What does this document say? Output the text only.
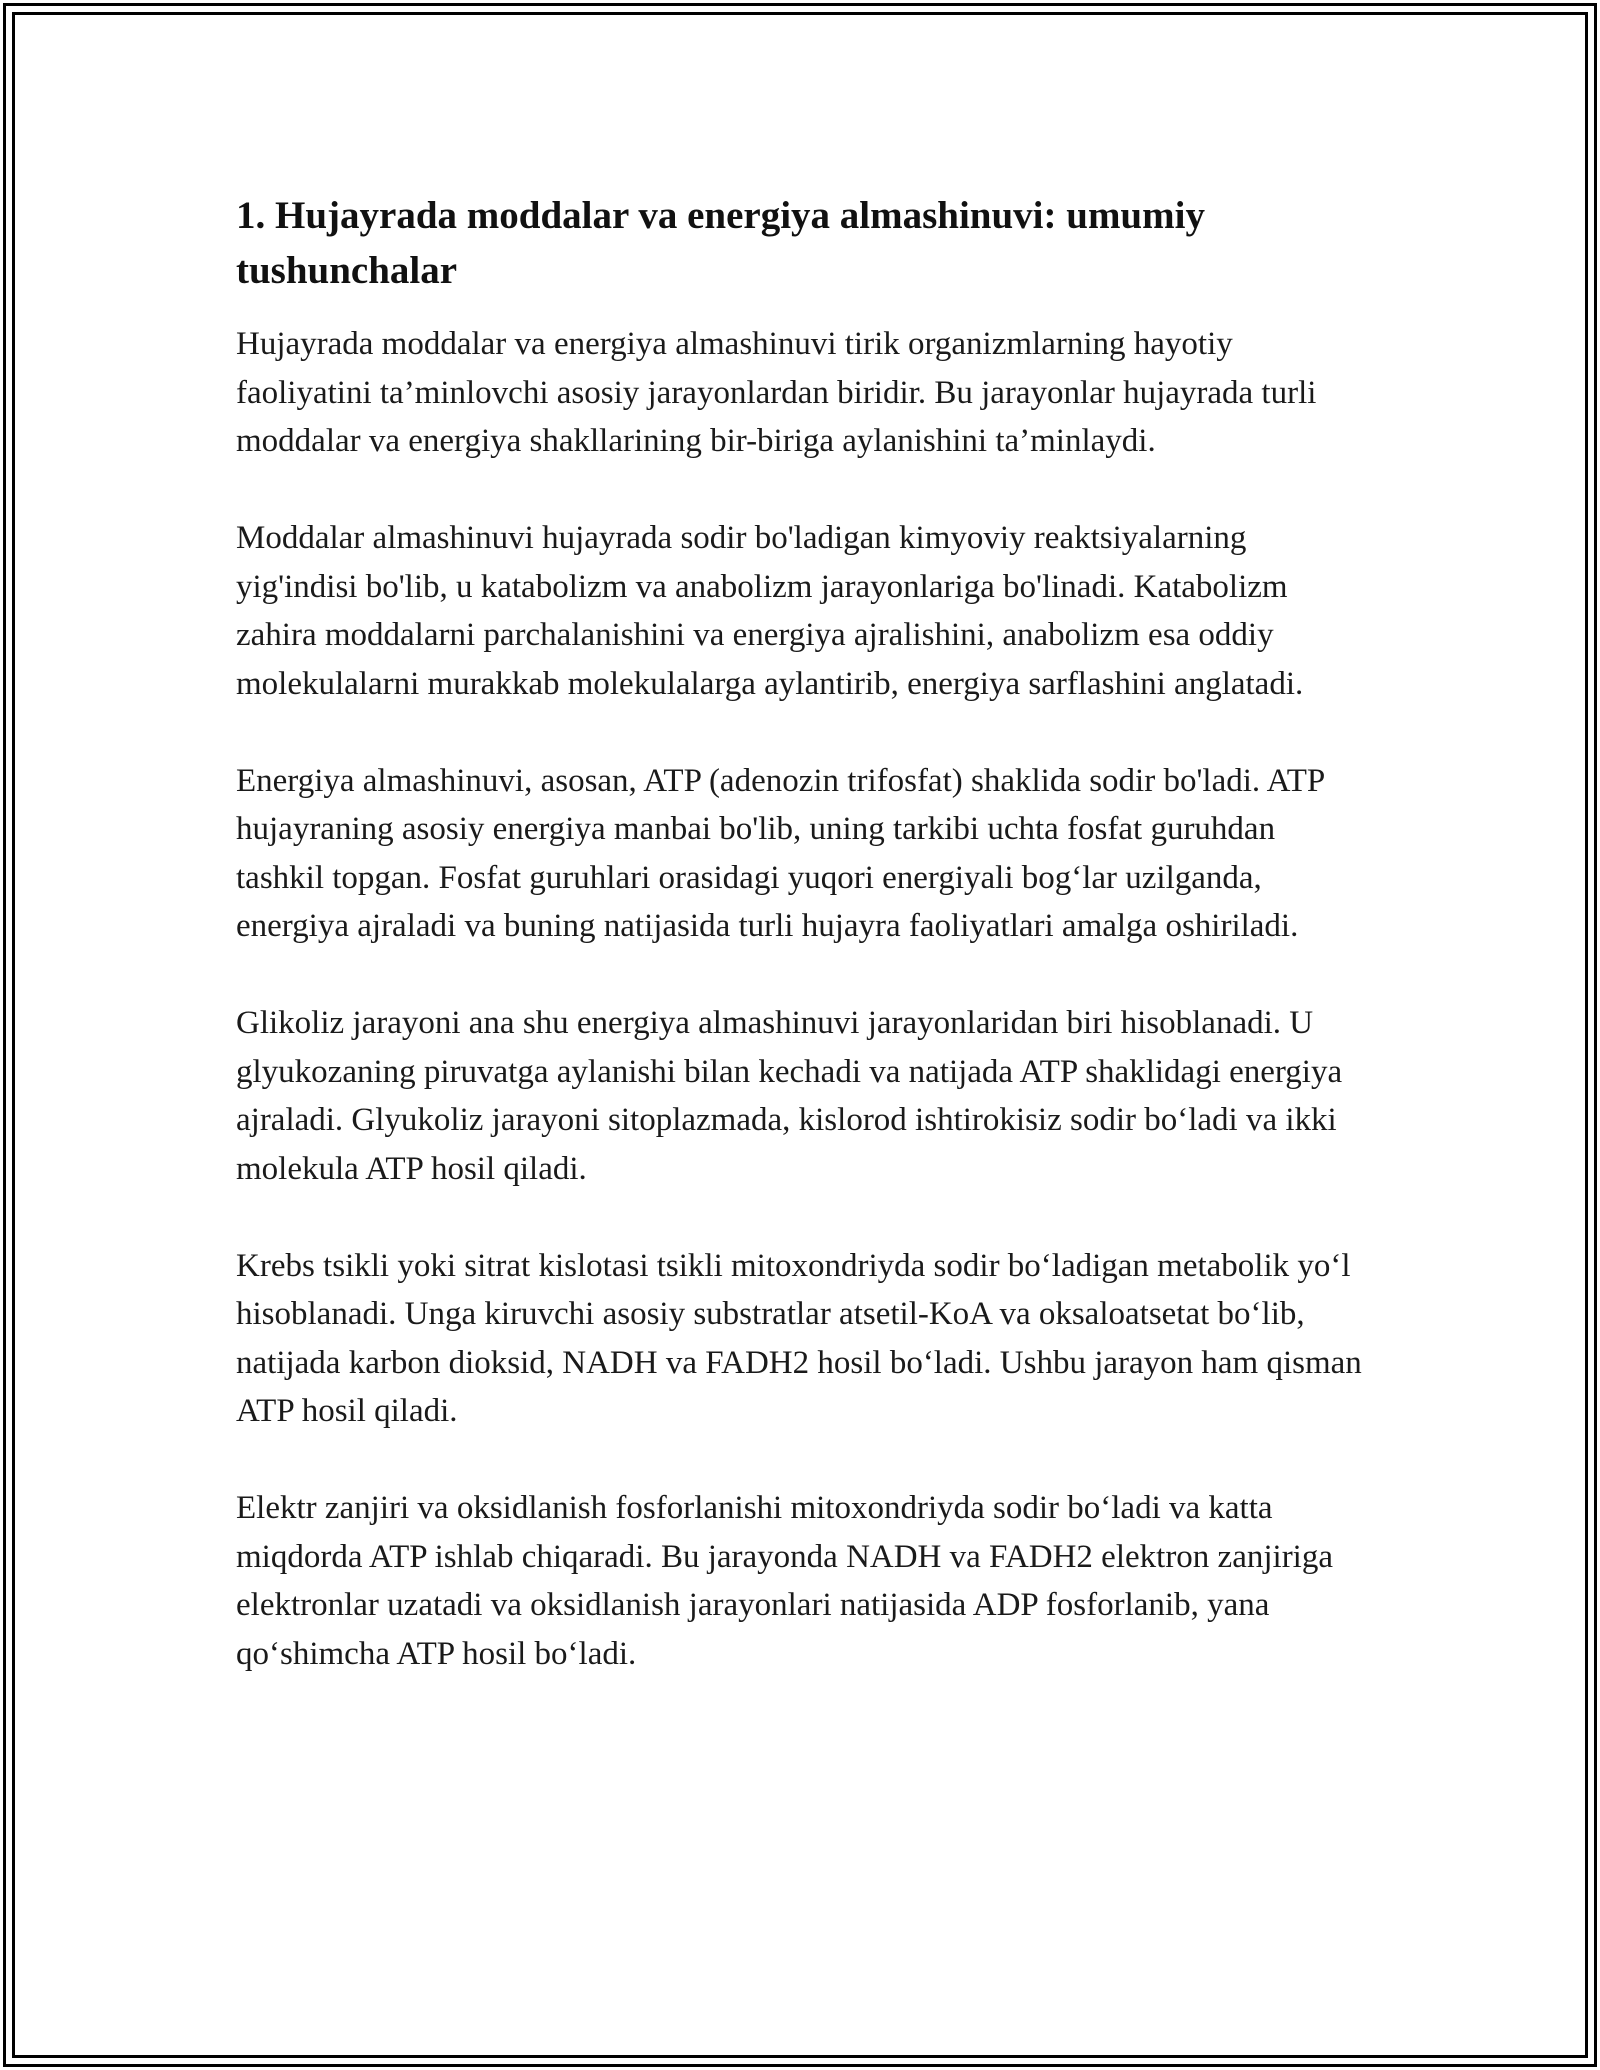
1. Hujayrada moddalar va energiya almashinuvi: umumiy tushunchalar

Hujayrada moddalar va energiya almashinuvi tirik organizmlarning hayotiy faoliyatini ta’minlovchi asosiy jarayonlardan biridir. Bu jarayonlar hujayrada turli moddalar va energiya shakllarining bir-biriga aylanishini ta’minlaydi.

Moddalar almashinuvi hujayrada sodir bo'ladigan kimyoviy reaktsiyalarning yig'indisi bo'lib, u katabolizm va anabolizm jarayonlariga bo'linadi. Katabolizm zahira moddalarni parchalanishini va energiya ajralishini, anabolizm esa oddiy molekulalarni murakkab molekulalarga aylantirib, energiya sarflashini anglatadi.

Energiya almashinuvi, asosan, ATP (adenozin trifosfat) shaklida sodir bo'ladi. ATP hujayraning asosiy energiya manbai bo'lib, uning tarkibi uchta fosfat guruhdan tashkil topgan. Fosfat guruhlari orasidagi yuqori energiyali bog‘lar uzilganda, energiya ajraladi va buning natijasida turli hujayra faoliyatlari amalga oshiriladi.

Glikoliz jarayoni ana shu energiya almashinuvi jarayonlaridan biri hisoblanadi. U glyukozaning piruvatga aylanishi bilan kechadi va natijada ATP shaklidagi energiya ajraladi. Glyukoliz jarayoni sitoplazmada, kislorod ishtirokisiz sodir bo‘ladi va ikki molekula ATP hosil qiladi.

Krebs tsikli yoki sitrat kislotasi tsikli mitoxondriyda sodir bo‘ladigan metabolik yo‘l hisoblanadi. Unga kiruvchi asosiy substratlar atsetil-KoA va oksaloatsetat bo‘lib, natijada karbon dioksid, NADH va FADH2 hosil bo‘ladi. Ushbu jarayon ham qisman ATP hosil qiladi.

Elektr zanjiri va oksidlanish fosforlanishi mitoxondriyda sodir bo‘ladi va katta miqdorda ATP ishlab chiqaradi. Bu jarayonda NADH va FADH2 elektron zanjiriga elektronlar uzatadi va oksidlanish jarayonlari natijasida ADP fosforlanib, yana qo‘shimcha ATP hosil bo‘ladi.
